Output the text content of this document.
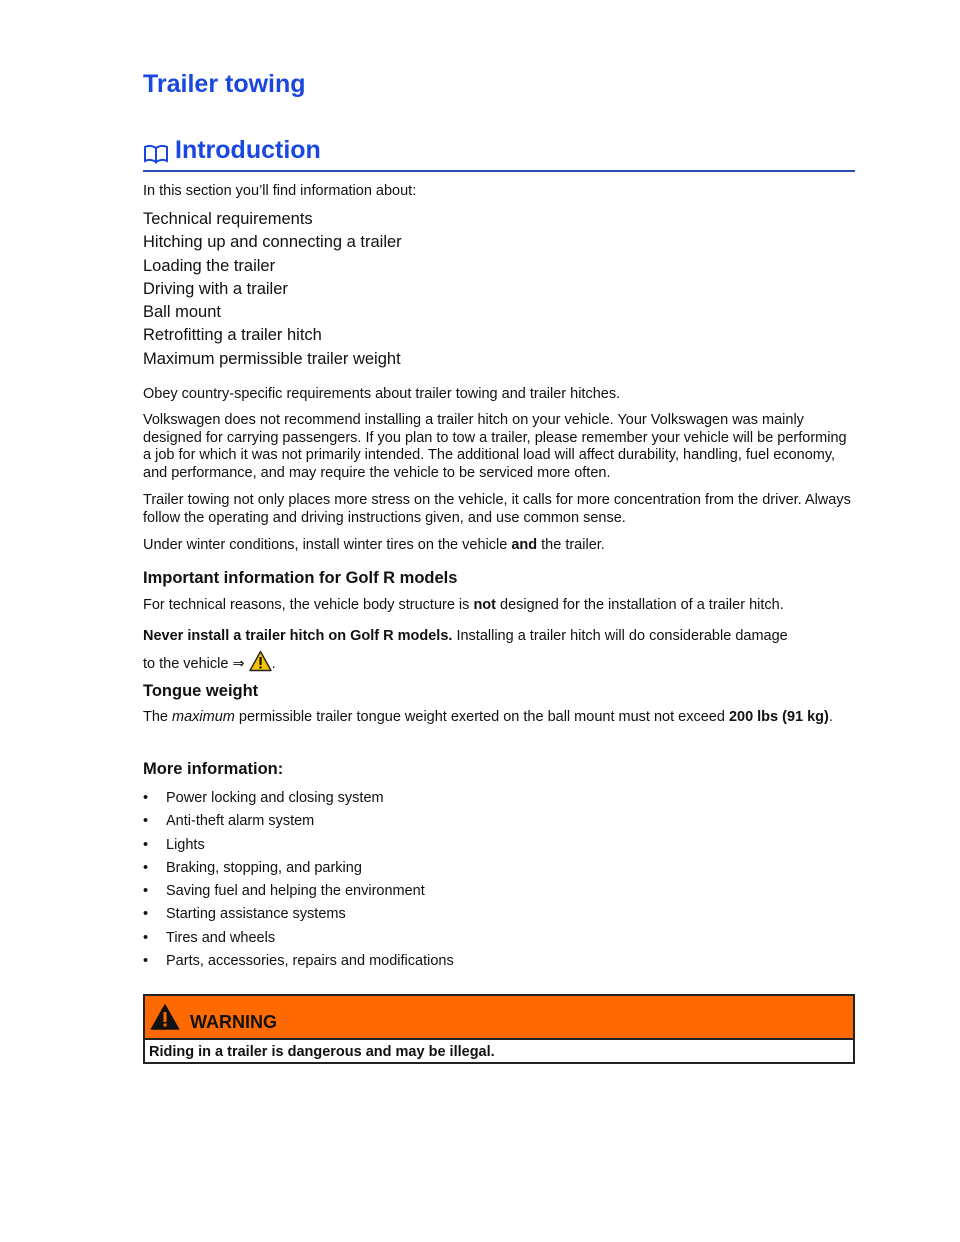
Trailer towing
Introduction

In this section you’ll find information about:

Technical requirements
Hitching up and connecting a trailer
Loading the trailer
Driving with a trailer
Ball mount
Retrofitting a trailer hitch
Maximum permissible trailer weight

Obey country-specific requirements about trailer towing and trailer hitches.

Volkswagen does not recommend installing a trailer hitch on your vehicle. Your Volkswagen was mainly designed for carrying passengers. If you plan to tow a trailer, please remember your vehicle will be performing a job for which it was not primarily intended. The additional load will affect durability, handling, fuel economy, and performance, and may require the vehicle to be serviced more often.

Trailer towing not only places more stress on the vehicle, it calls for more concentration from the driver. Always follow the operating and driving instructions given, and use common sense.

Under winter conditions, install winter tires on the vehicle and the trailer.

Important information for Golf R models

For technical reasons, the vehicle body structure is not designed for the installation of a trailer hitch.

Never install a trailer hitch on Golf R models. Installing a trailer hitch will do considerable damage
to the vehicle ⇒ .

Tongue weight

The maximum permissible trailer tongue weight exerted on the ball mount must not exceed 200 lbs (91 kg).

More information:
• Power locking and closing system
• Anti-theft alarm system
• Lights
• Braking, stopping, and parking
• Saving fuel and helping the environment
• Starting assistance systems
• Tires and wheels
• Parts, accessories, repairs and modifications
WARNING
Riding in a trailer is dangerous and may be illegal.
